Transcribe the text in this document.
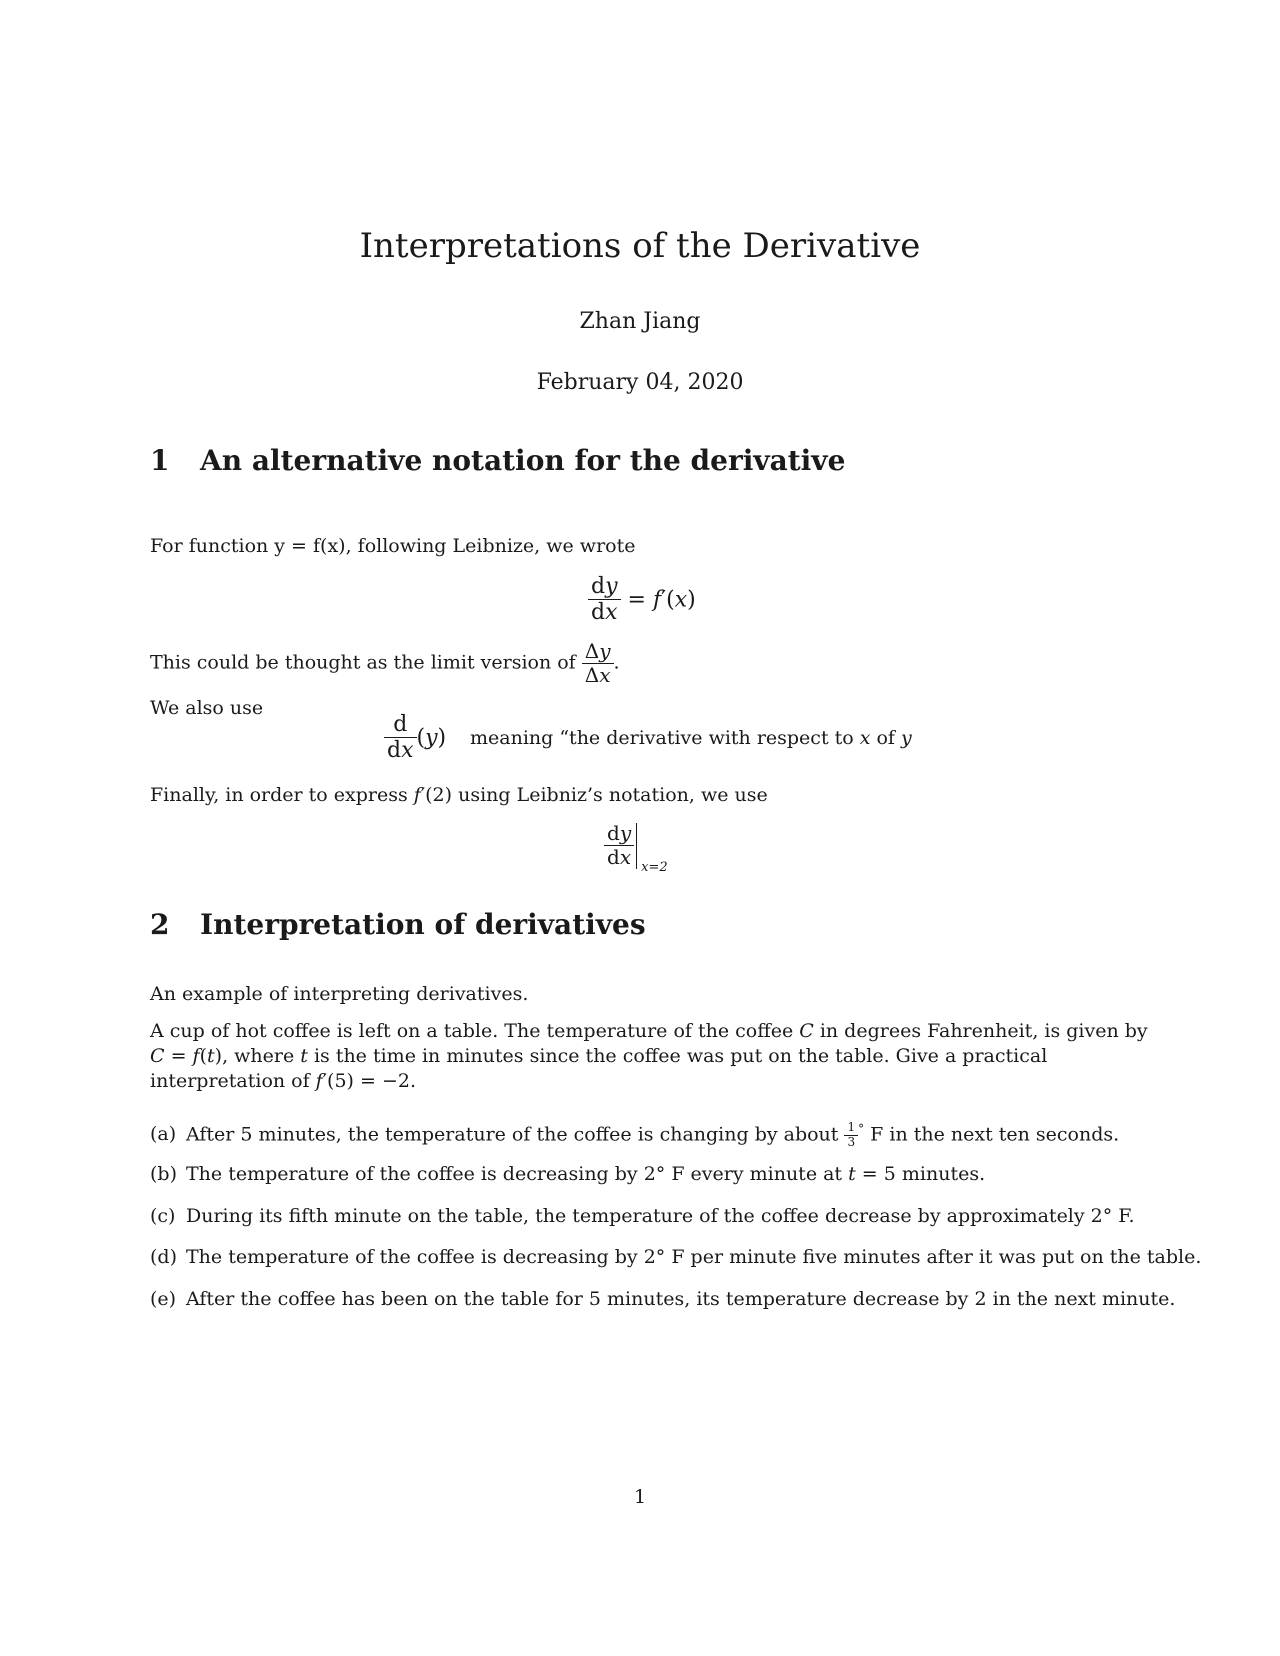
Interpretations of the Derivative
Zhan Jiang
February 04, 2020
1 An alternative notation for the derivative
For function y = f(x), following Leibnize, we wrote
$\frac{dy}{dx} = f'(x)$
This could be thought as the limit version of $\frac{\Delta y}{\Delta x}$ .
We also use
$\frac{d}{dx} (y)$ meaning “the derivative with respect to x of y
Finally, in order to express f′(2) using Leibniz’s notation, we use
$\frac{dy}{dx} x=2$
2 Interpretation of derivatives
An example of interpreting derivatives.
A cup of hot coffee is left on a table. The temperature of the coffee C in degrees Fahrenheit, is given by C = f(t), where t is the time in minutes since the coffee was put on the table. Give a practical interpretation of f′(5) = −2.
(a) After 5 minutes, the temperature of the coffee is changing by about $\frac{1}{3} ^\circ$ F in the next ten seconds.
(b) The temperature of the coffee is decreasing by 2° F every minute at t = 5 minutes.
(c) During its fifth minute on the table, the temperature of the coffee decrease by approximately 2° F.
(d) The temperature of the coffee is decreasing by 2° F per minute five minutes after it was put on the table.
(e) After the coffee has been on the table for 5 minutes, its temperature decrease by 2 in the next minute.
1
